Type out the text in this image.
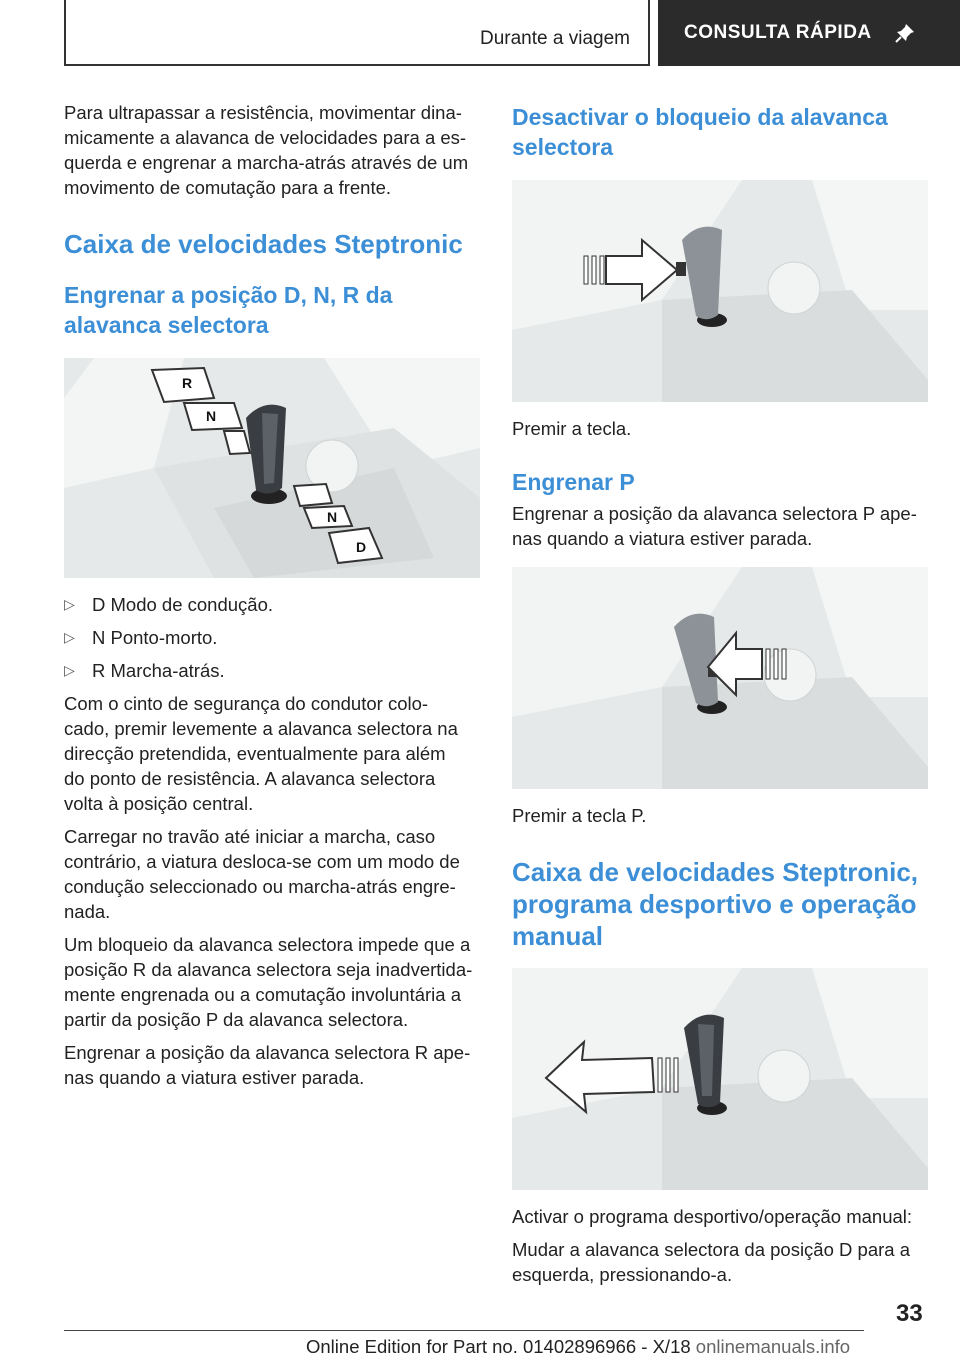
Durante a viagem	CONSULTA RÁPIDA

Para ultrapassar a resistência, movimentar dina-
micamente a alavanca de velocidades para a es-
querda e engrenar a marcha-atrás através de um
movimento de comutação para a frente.

Caixa de velocidades Steptronic
Engrenar a posição D, N, R da
alavanca selectora
R
N
N
D
▷ D Modo de condução.
▷ N Ponto-morto.
▷ R Marcha-atrás.

Com o cinto de segurança do condutor colo-
cado, premir levemente a alavanca selectora na
direcção pretendida, eventualmente para além
do ponto de resistência. A alavanca selectora
volta à posição central.

Carregar no travão até iniciar a marcha, caso
contrário, a viatura desloca-se com um modo de
condução seleccionado ou marcha-atrás engre-
nada.

Um bloqueio da alavanca selectora impede que a
posição R da alavanca selectora seja inadvertida-
mente engrenada ou a comutação involuntária a
partir da posição P da alavanca selectora.

Engrenar a posição da alavanca selectora R ape-
nas quando a viatura estiver parada.

Desactivar o bloqueio da alavanca
selectora

Premir a tecla.

Engrenar P

Engrenar a posição da alavanca selectora P ape-
nas quando a viatura estiver parada.

Premir a tecla P.

Caixa de velocidades Steptronic,
programa desportivo e operação
manual

Activar o programa desportivo/operação manual:

Mudar a alavanca selectora da posição D para a
esquerda, pressionando-a.

33
Online Edition for Part no. 01402896966 - X/18 onlinemanuals.info
